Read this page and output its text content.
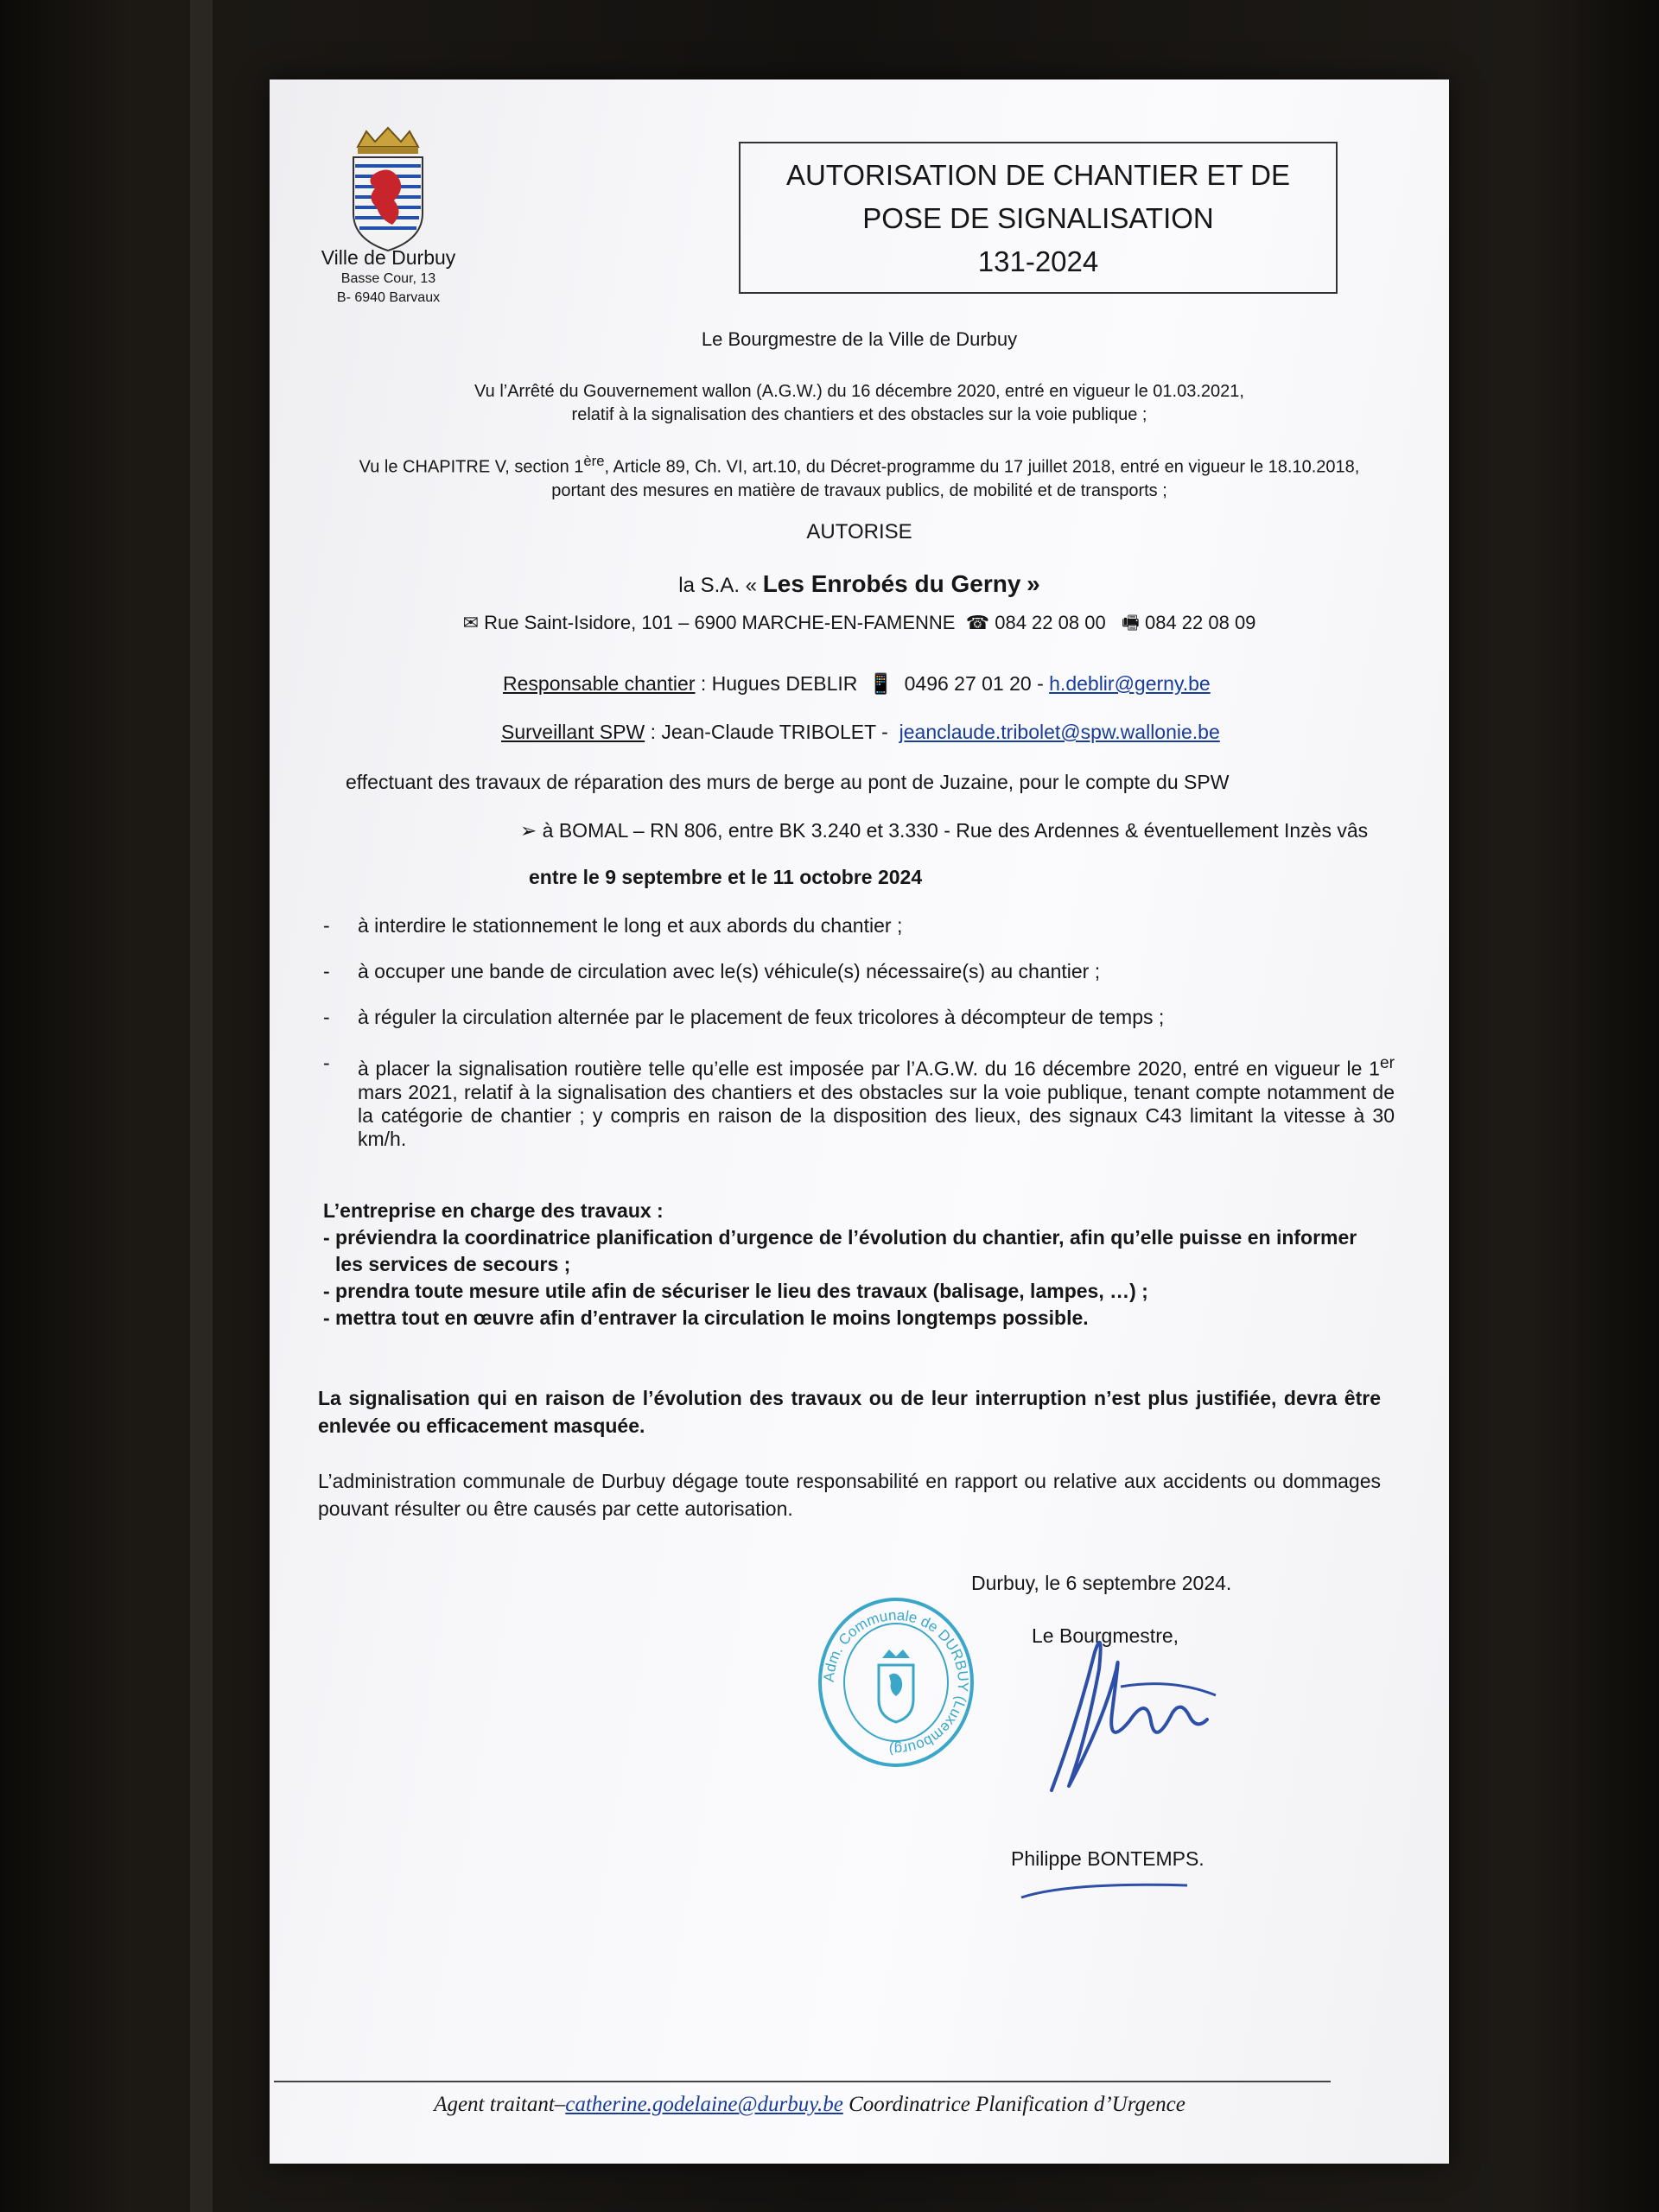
Ville de Durbuy
Basse Cour, 13
B- 6940 Barvaux
AUTORISATION DE CHANTIER ET DE
POSE DE SIGNALISATION
131-2024
Le Bourgmestre de la Ville de Durbuy
Vu l’Arrêté du Gouvernement wallon (A.G.W.) du 16 décembre 2020, entré en vigueur le 01.03.2021,
relatif à la signalisation des chantiers et des obstacles sur la voie publique ;
Vu le CHAPITRE V, section 1ère, Article 89, Ch. VI, art.10, du Décret-programme du 17 juillet 2018, entré en vigueur le 18.10.2018,
portant des mesures en matière de travaux publics, de mobilité et de transports ;
AUTORISE
la S.A. « Les Enrobés du Gerny »
✉ Rue Saint-Isidore, 101 – 6900 MARCHE-EN-FAMENNE ☎ 084 22 08 00 🖷 084 22 08 09
Responsable chantier : Hugues DEBLIR 📱 0496 27 01 20 - h.deblir@gerny.be
Surveillant SPW : Jean-Claude TRIBOLET - jeanclaude.tribolet@spw.wallonie.be
effectuant des travaux de réparation des murs de berge au pont de Juzaine, pour le compte du SPW
➢ à BOMAL – RN 806, entre BK 3.240 et 3.330 - Rue des Ardennes & éventuellement Inzès vâs
entre le 9 septembre et le 11 octobre 2024
- à interdire le stationnement le long et aux abords du chantier ;
- à occuper une bande de circulation avec le(s) véhicule(s) nécessaire(s) au chantier ;
- à réguler la circulation alternée par le placement de feux tricolores à décompteur de temps ;
- à placer la signalisation routière telle qu’elle est imposée par l’A.G.W. du 16 décembre 2020, entré en vigueur le 1er mars 2021, relatif à la signalisation des chantiers et des obstacles sur la voie publique, tenant compte notamment de la catégorie de chantier ; y compris en raison de la disposition des lieux, des signaux C43 limitant la vitesse à 30 km/h.
L’entreprise en charge des travaux :
- préviendra la coordinatrice planification d’urgence de l’évolution du chantier, afin qu’elle puisse en informer les services de secours ;
- prendra toute mesure utile afin de sécuriser le lieu des travaux (balisage, lampes, …) ;
- mettra tout en œuvre afin d’entraver la circulation le moins longtemps possible.
La signalisation qui en raison de l’évolution des travaux ou de leur interruption n’est plus justifiée, devra être enlevée ou efficacement masquée.
L’administration communale de Durbuy dégage toute responsabilité en rapport ou relative aux accidents ou dommages pouvant résulter ou être causés par cette autorisation.
Durbuy, le 6 septembre 2024.
Le Bourgmestre,
Adm. Communale de DURBUY (Luxembourg)
Philippe BONTEMPS.
Agent traitant–catherine.godelaine@durbuy.be Coordinatrice Planification d’Urgence
